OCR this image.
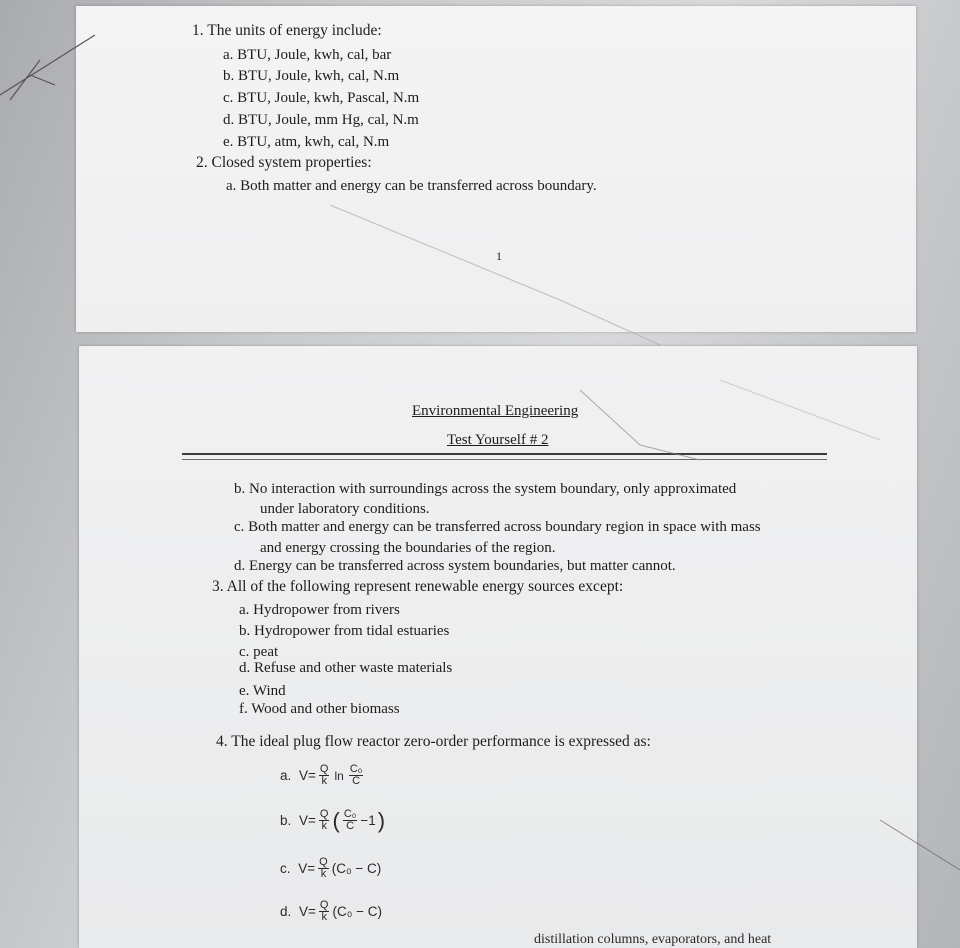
1. The units of energy include:
a. BTU, Joule, kwh, cal, bar
b. BTU, Joule, kwh, cal, N.m
c. BTU, Joule, kwh, Pascal, N.m
d. BTU, Joule, mm Hg, cal, N.m
e. BTU, atm, kwh, cal, N.m
2. Closed system properties:
a. Both matter and energy can be transferred across boundary.
1
Environmental Engineering
Test Yourself # 2
b. No interaction with surroundings across the system boundary, only approximated
under laboratory conditions.
c. Both matter and energy can be transferred across boundary region in space with mass
and energy crossing the boundaries of the region.
d. Energy can be transferred across system boundaries, but matter cannot.
3. All of the following represent renewable energy sources except:
a. Hydropower from rivers
b. Hydropower from tidal estuaries
c. peat
d. Refuse and other waste materials
e. Wind
f. Wood and other biomass
4. The ideal plug flow reactor zero-order performance is expressed as:
a.
$V= \frac{Q}{k}$ $\ln \frac{\text{C₀}}{C}$
b.
$V= \frac{Q}{k}$ ( $\frac{\text{C₀}}{C} -1$ )
c.
$V= \frac{Q}{k} (C_0 - C)$
d.
$V= \frac{Q}{k} (C_0 - C)$
distillation columns, evaporators, and heat
